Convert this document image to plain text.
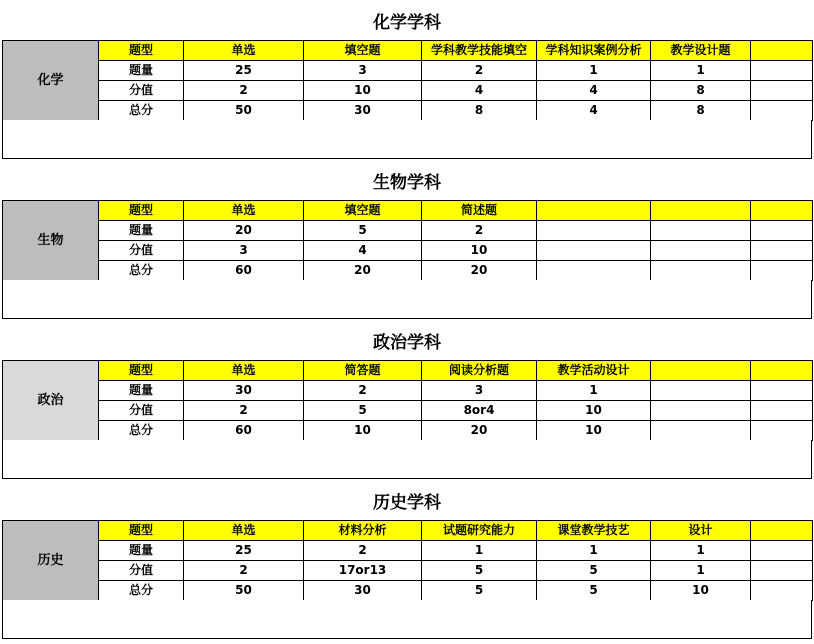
化学学科
化学	题型	单选	填空题	学科教学技能填空	学科知识案例分析	教学设计题	
	题量	25	3	2	1	1	
	分值	2	10	4	4	8	
	总分	50	30	8	4	8	
生物学科
生物	题型	单选	填空题	简述题			
	题量	20	5	2			
	分值	3	4	10			
	总分	60	20	20			
政治学科
政治	题型	单选	简答题	阅读分析题	教学活动设计		
	题量	30	2	3	1		
	分值	2	5	8or4	10		
	总分	60	10	20	10		
历史学科
历史	题型	单选	材料分析	试题研究能力	课堂教学技艺	设计	
	题量	25	2	1	1	1	
	分值	2	17or13	5	5	1	
	总分	50	30	5	5	10	
